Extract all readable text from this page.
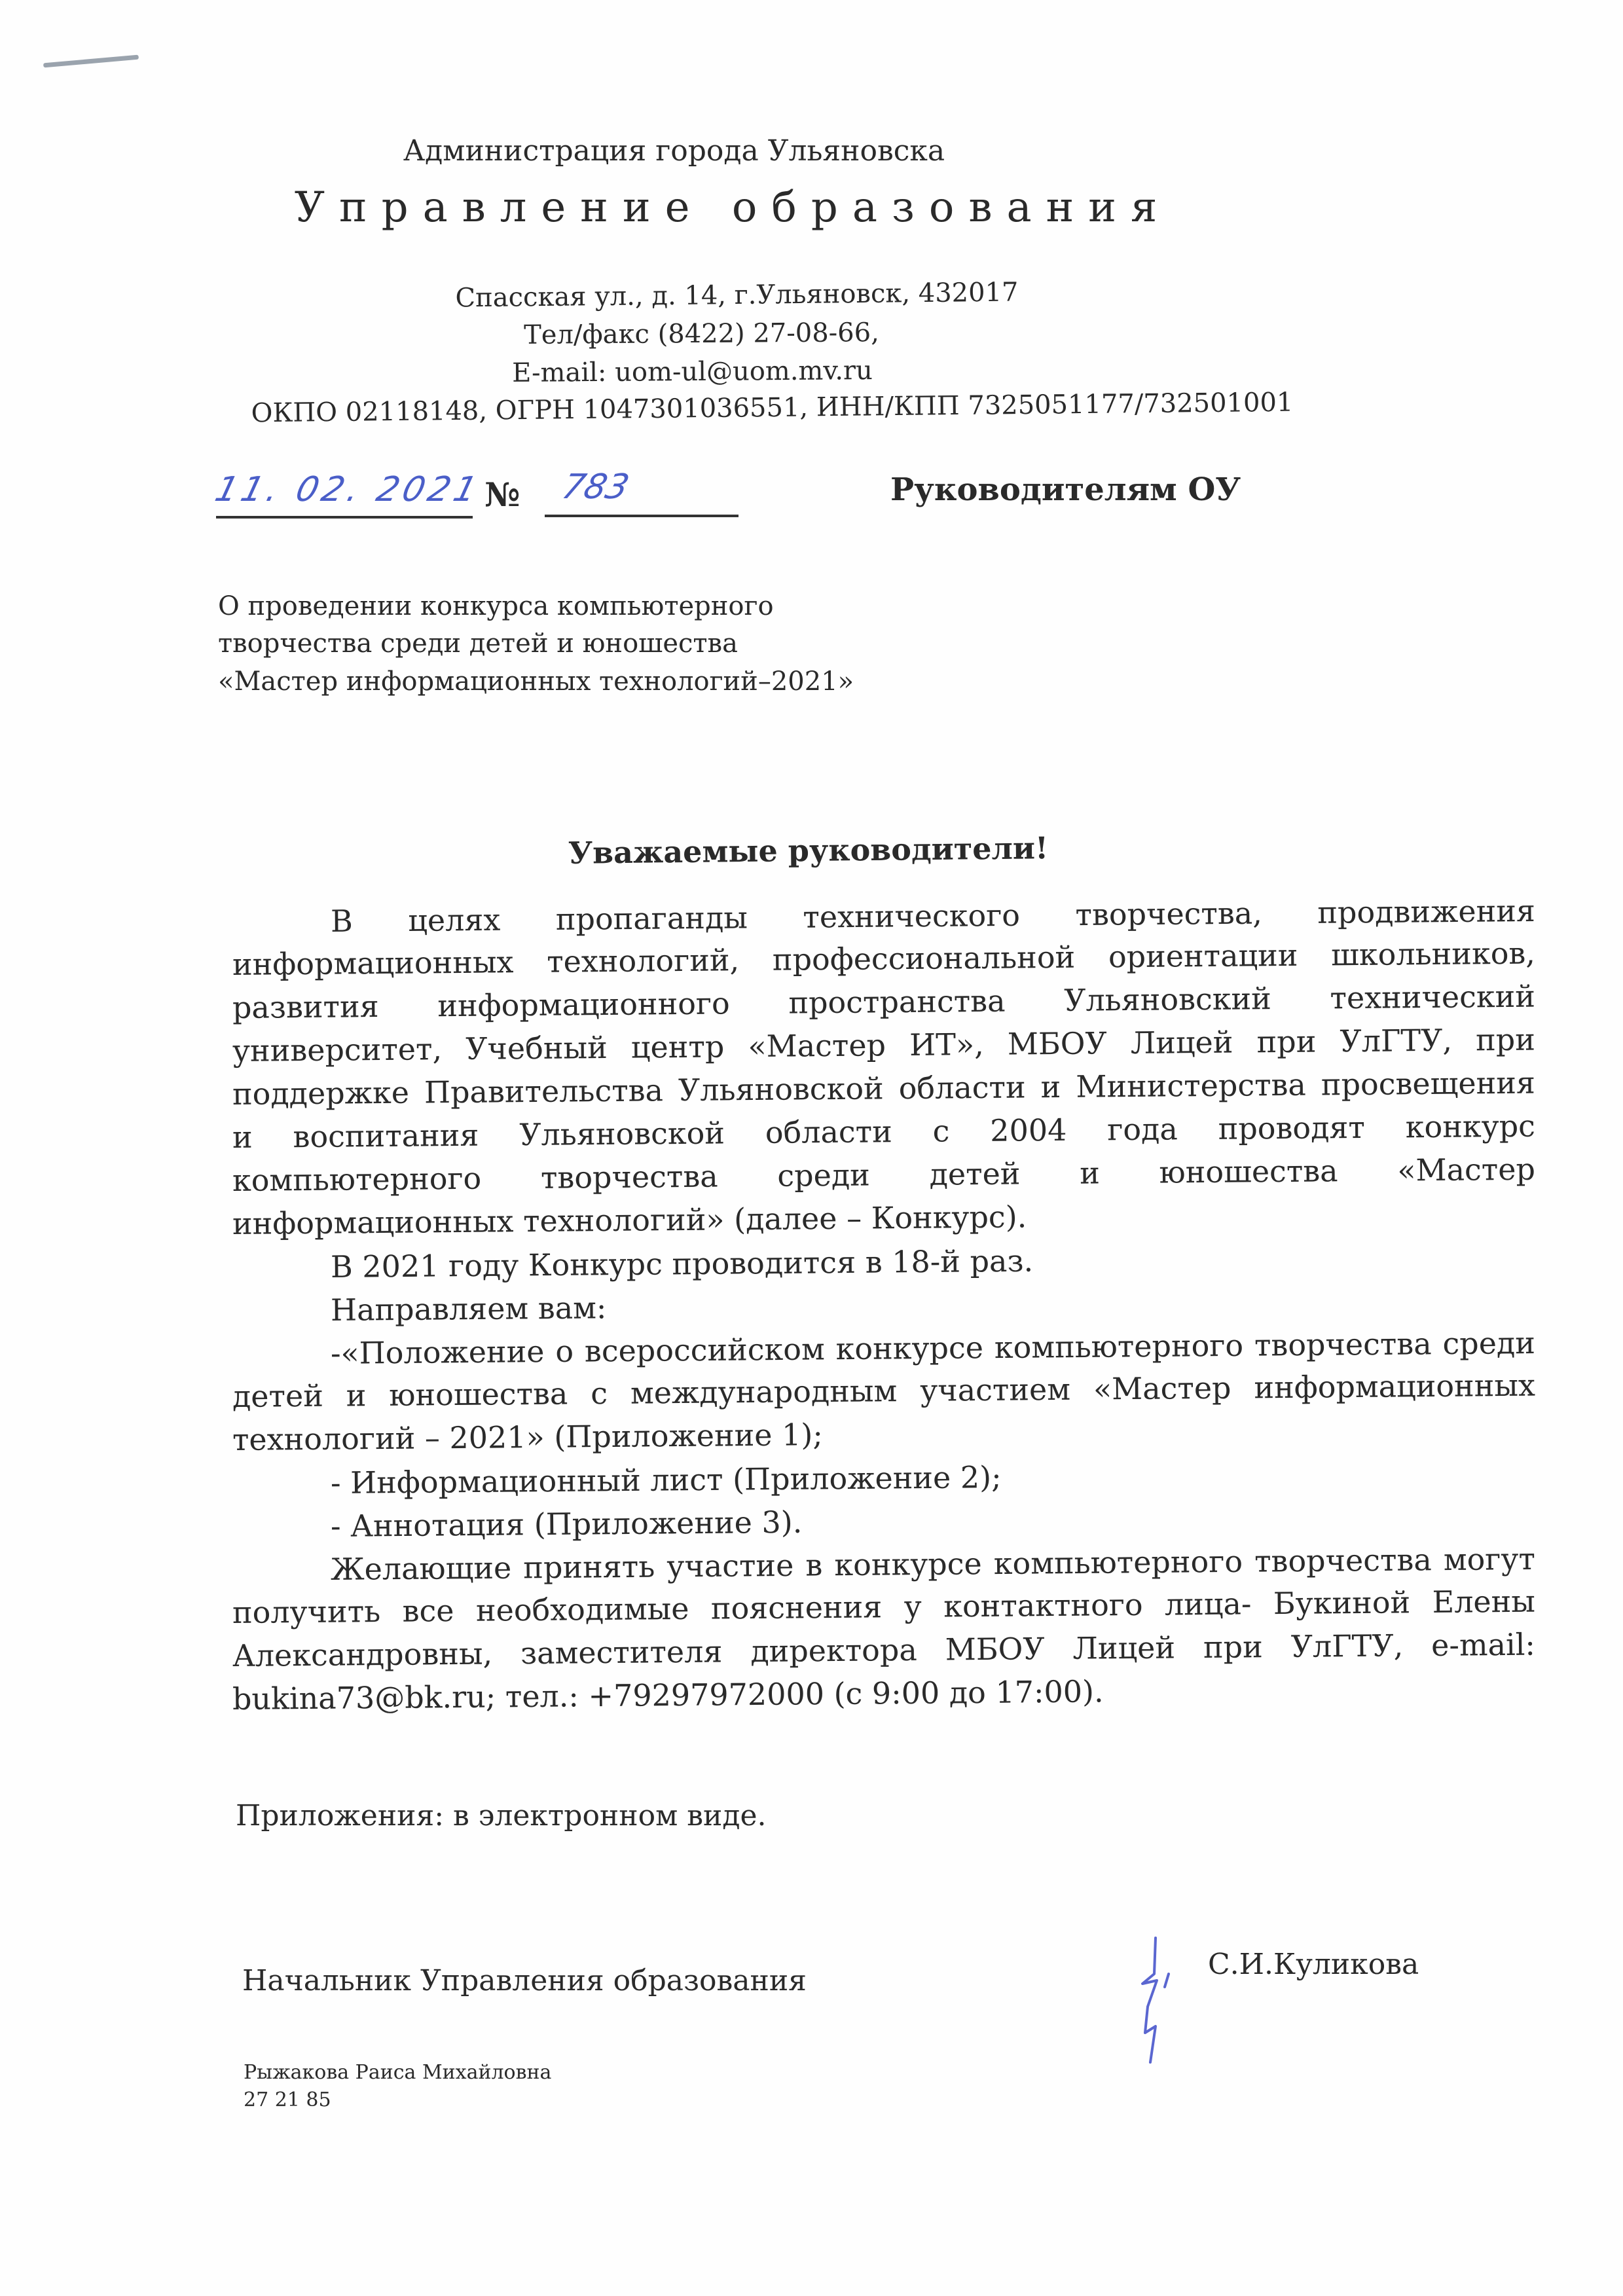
Администрация города Ульяновска
Управление образования
Спасская ул., д. 14, г.Ульяновск, 432017
Тел/факс (8422) 27-08-66,
E-mail: uom-ul@uom.mv.ru
ОКПО 02118148, ОГРН 1047301036551, ИНН/КПП 7325051177/732501001
11. 02. 2021 №	783	Руководителям ОУ
О проведении конкурса компьютерного
творчества среди детей и юношества
«Мастер информационных технологий–2021»
Уважаемые руководители!
В целях пропаганды технического творчества, продвижения
информационных технологий, профессиональной ориентации школьников,
развития информационного пространства Ульяновский технический
университет, Учебный центр «Мастер ИТ», МБОУ Лицей при УлГТУ, при
поддержке Правительства Ульяновской области и Министерства просвещения
и воспитания Ульяновской области с 2004 года проводят конкурс
компьютерного творчества среди детей и юношества «Мастер
информационных технологий» (далее – Конкурс).
В 2021 году Конкурс проводится в 18-й раз.
Направляем вам:
-«Положение о всероссийском конкурсе компьютерного творчества среди
детей и юношества с международным участием «Мастер информационных
технологий – 2021» (Приложение 1);
- Информационный лист (Приложение 2);
- Аннотация (Приложение 3).
Желающие принять участие в конкурсе компьютерного творчества могут
получить все необходимые пояснения у контактного лица- Букиной Елены
Александровны, заместителя директора МБОУ Лицей при УлГТУ, e-mail:
bukina73@bk.ru; тел.: +79297972000 (с 9:00 до 17:00).
Приложения: в электронном виде.
Начальник Управления образования	С.И.Куликова
Рыжакова Раиса Михайловна
27 21 85
